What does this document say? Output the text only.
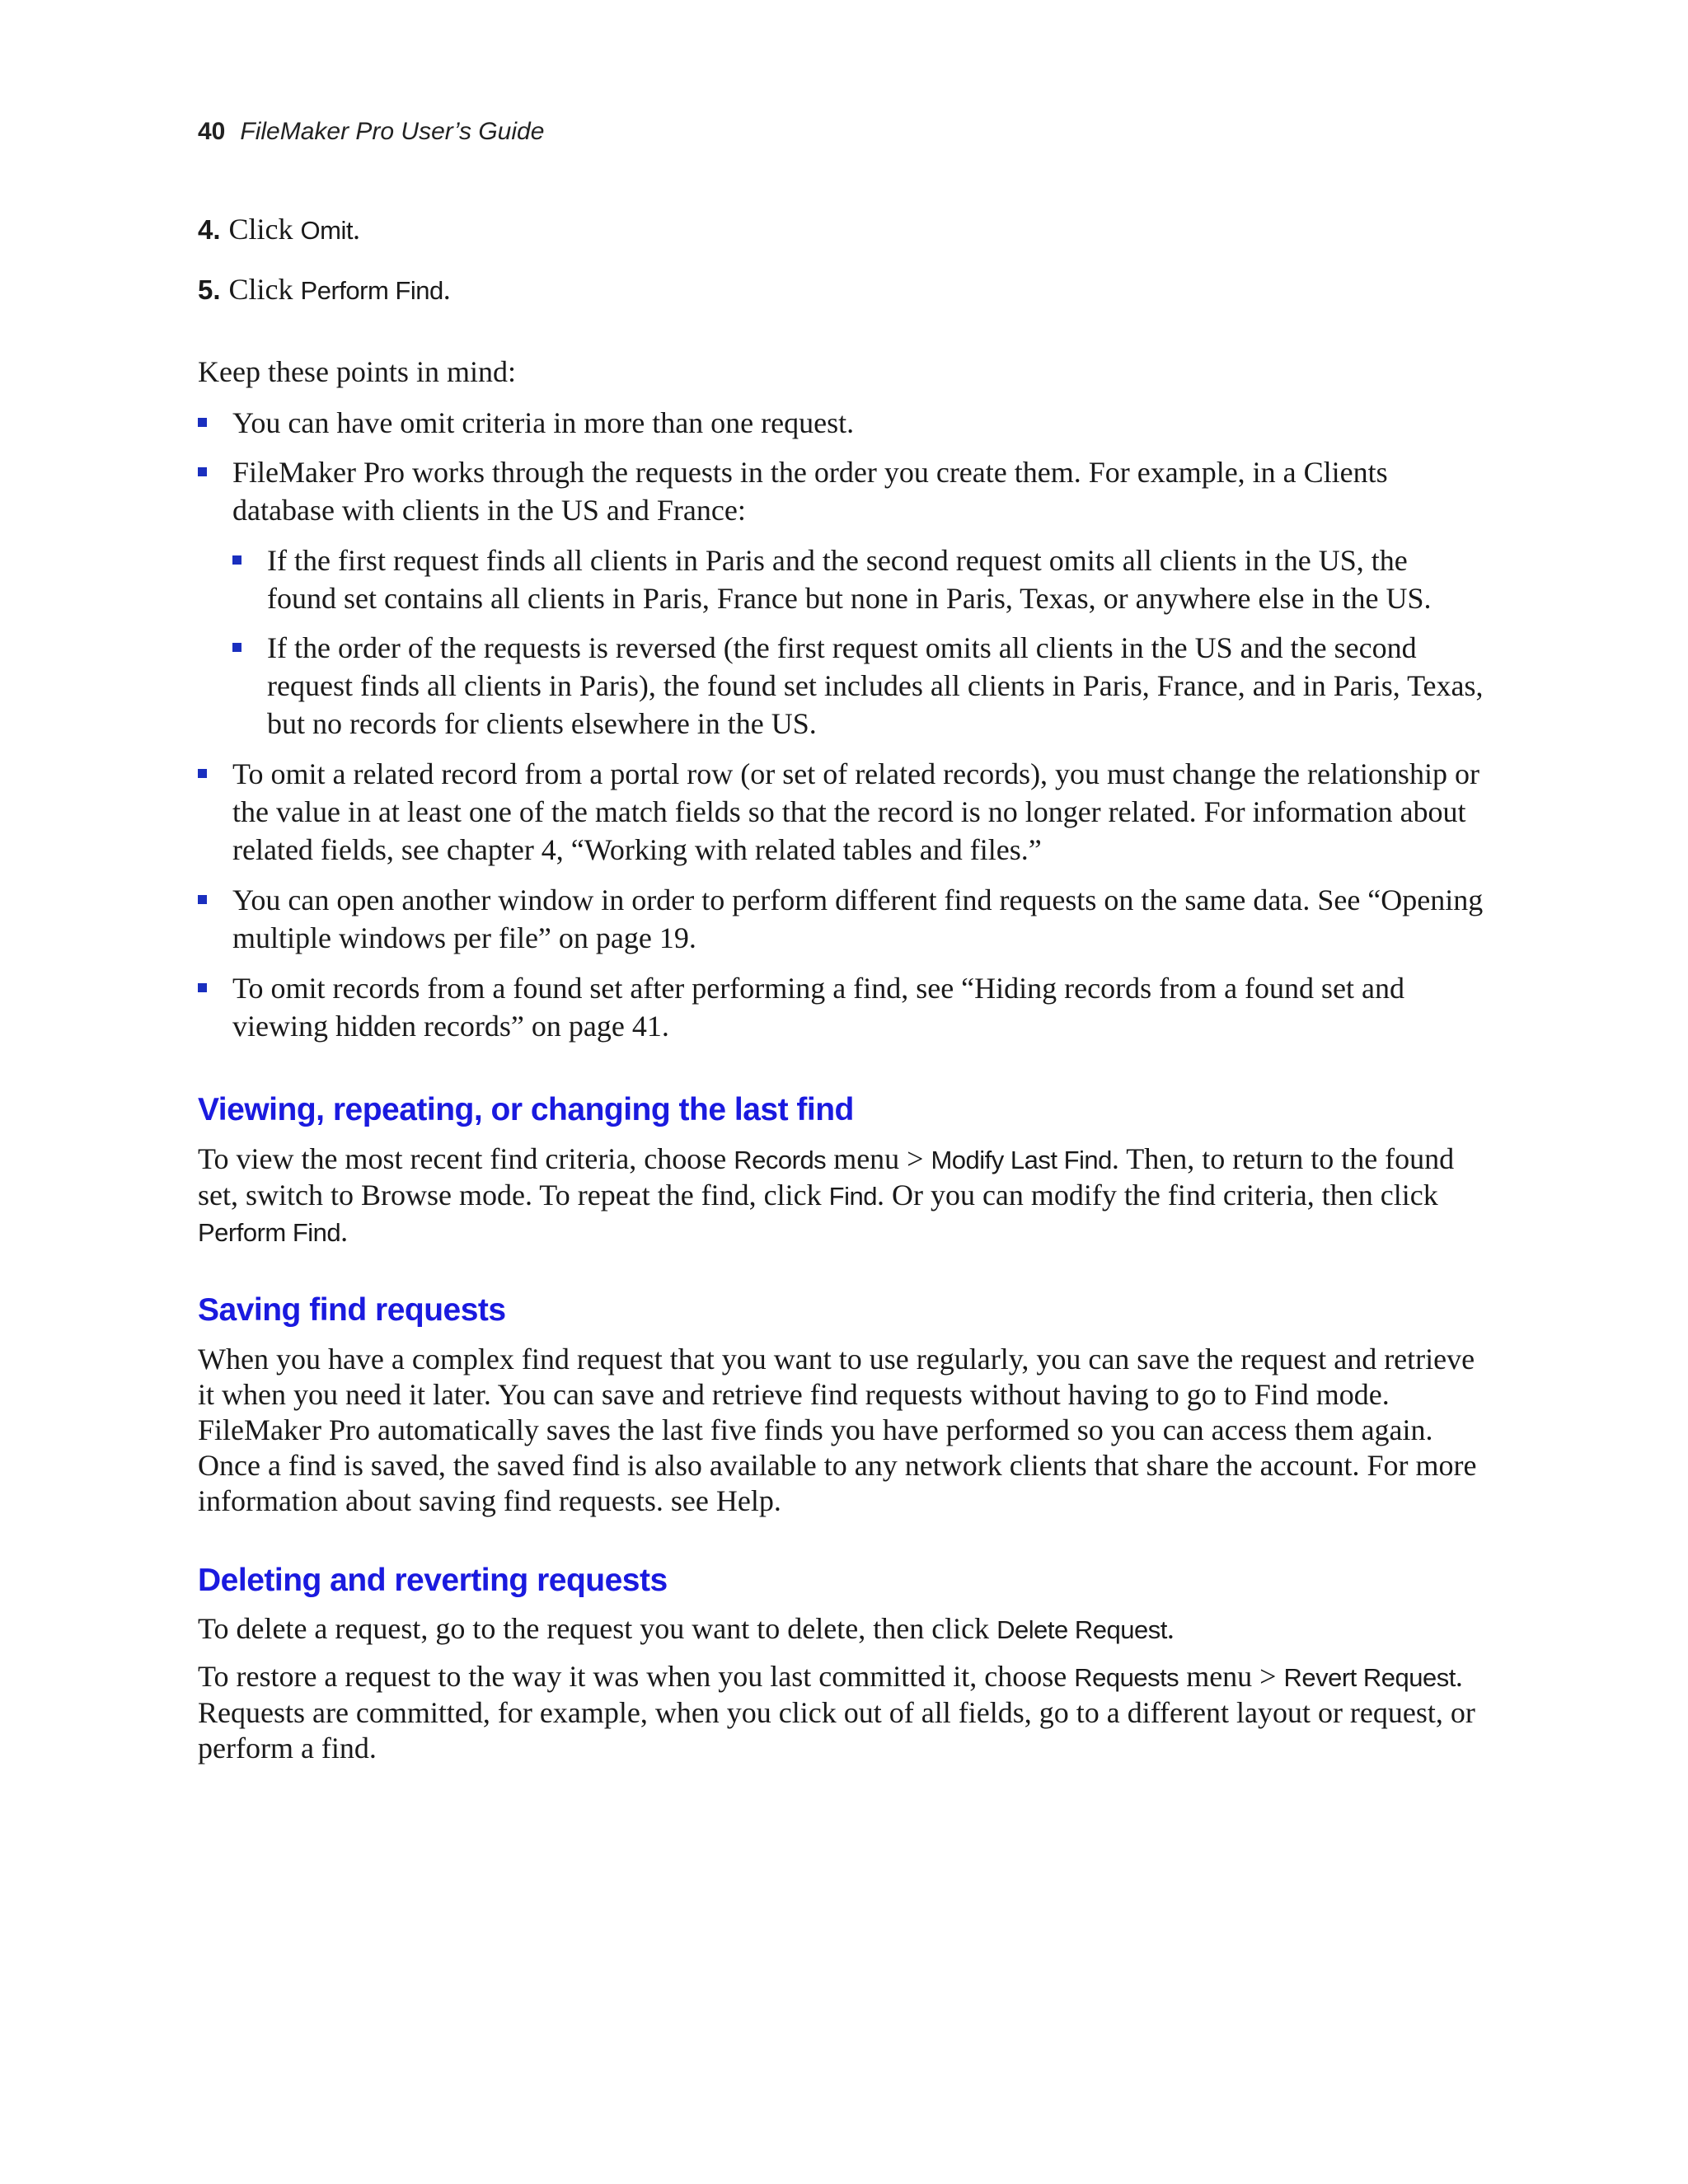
40 FileMaker Pro User’s Guide
4. Click Omit.
5. Click Perform Find.
Keep these points in mind:
You can have omit criteria in more than one request.
FileMaker Pro works through the requests in the order you create them. For example, in a Clients database with clients in the US and France:
If the first request finds all clients in Paris and the second request omits all clients in the US, the found set contains all clients in Paris, France but none in Paris, Texas, or anywhere else in the US.
If the order of the requests is reversed (the first request omits all clients in the US and the second request finds all clients in Paris), the found set includes all clients in Paris, France, and in Paris, Texas, but no records for clients elsewhere in the US.
To omit a related record from a portal row (or set of related records), you must change the relationship or the value in at least one of the match fields so that the record is no longer related. For information about related fields, see chapter 4, “Working with related tables and files.”
You can open another window in order to perform different find requests on the same data. See “Opening multiple windows per file” on page 19.
To omit records from a found set after performing a find, see “Hiding records from a found set and viewing hidden records” on page 41.
Viewing, repeating, or changing the last find
To view the most recent find criteria, choose Records menu > Modify Last Find. Then, to return to the found set, switch to Browse mode. To repeat the find, click Find. Or you can modify the find criteria, then click Perform Find.
Saving find requests
When you have a complex find request that you want to use regularly, you can save the request and retrieve it when you need it later. You can save and retrieve find requests without having to go to Find mode. FileMaker Pro automatically saves the last five finds you have performed so you can access them again. Once a find is saved, the saved find is also available to any network clients that share the account. For more information about saving find requests. see Help.
Deleting and reverting requests
To delete a request, go to the request you want to delete, then click Delete Request.
To restore a request to the way it was when you last committed it, choose Requests menu > Revert Request. Requests are committed, for example, when you click out of all fields, go to a different layout or request, or perform a find.
